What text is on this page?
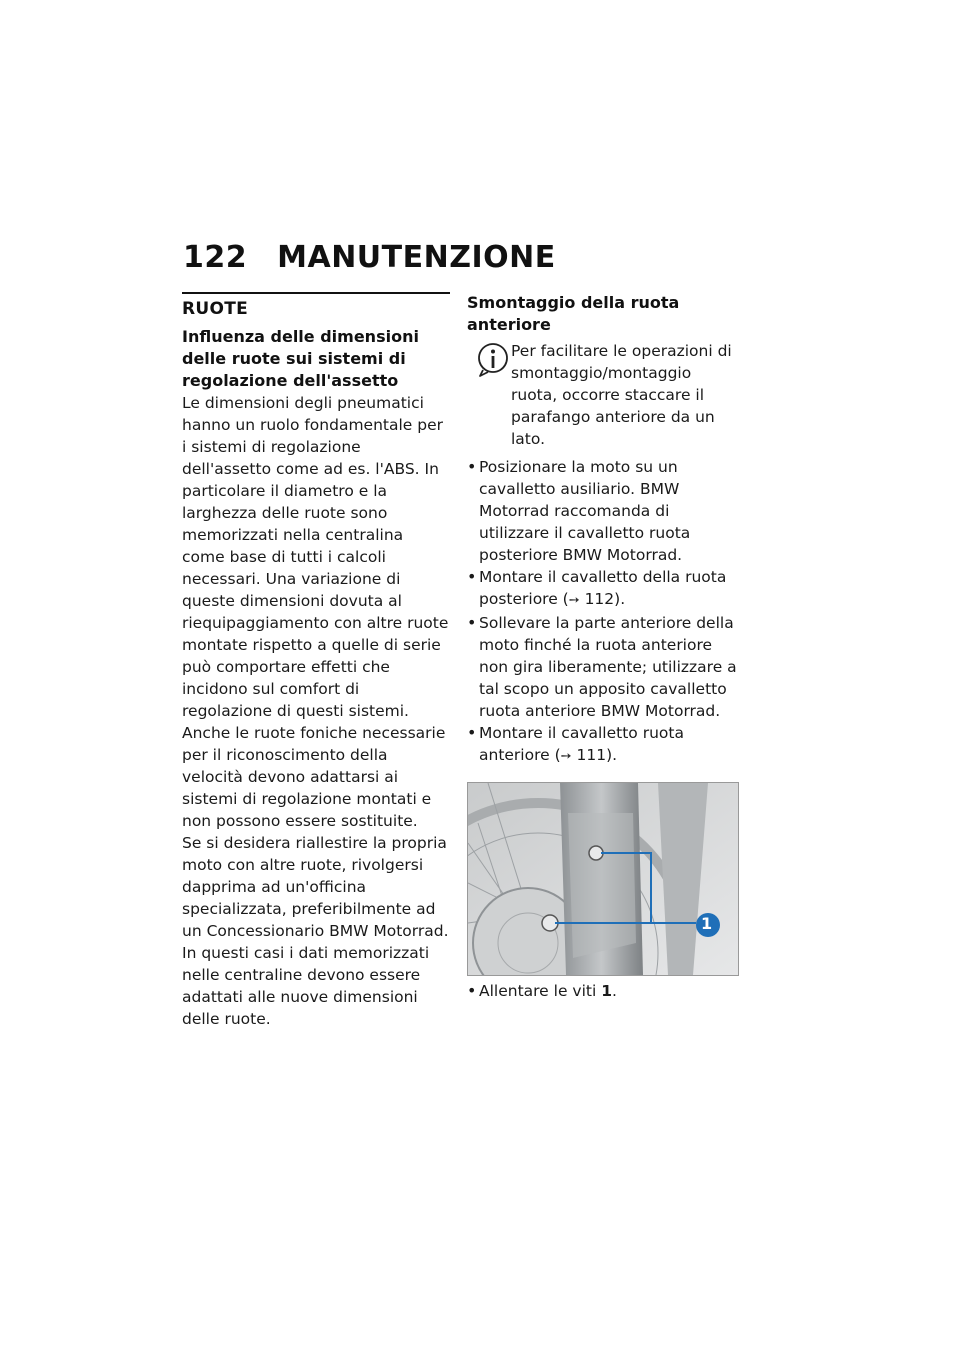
122 MANUTENZIONE
RUOTE
Influenza delle dimensioni delle ruote sui sistemi di regolazione dell'assetto

Le dimensioni degli pneumatici hanno un ruolo fondamentale per i sistemi di regolazione dell'assetto come ad es. l'ABS. In particolare il diametro e la larghezza delle ruote sono memorizzati nella centralina come base di tutti i calcoli necessari. Una variazione di queste dimensioni dovuta al riequipaggiamento con altre ruote montate rispetto a quelle di serie può comportare effetti che incidono sul comfort di regolazione di questi sistemi.

Anche le ruote foniche necessarie per il riconoscimento della velocità devono adattarsi ai sistemi di regolazione montati e non possono essere sostituite.

Se si desidera riallestire la propria moto con altre ruote, rivolgersi dapprima ad un'officina specializzata, preferibilmente ad un Concessionario BMW Motorrad. In questi casi i dati memorizzati nelle centraline devono essere adattati alle nuove dimensioni delle ruote.

Smontaggio della ruota anteriore

Per facilitare le operazioni di smontaggio/montaggio ruota, occorre staccare il parafango anteriore da un lato.

• Posizionare la moto su un cavalletto ausiliario. BMW Motorrad raccomanda di utilizzare il cavalletto ruota posteriore BMW Motorrad.
• Montare il cavalletto della ruota posteriore (➙ 112).
• Sollevare la parte anteriore della moto finché la ruota anteriore non gira liberamente; utilizzare a tal scopo un apposito cavalletto ruota anteriore BMW Motorrad.
• Montare il cavalletto ruota anteriore (➙ 111).
1
• Allentare le viti 1.
